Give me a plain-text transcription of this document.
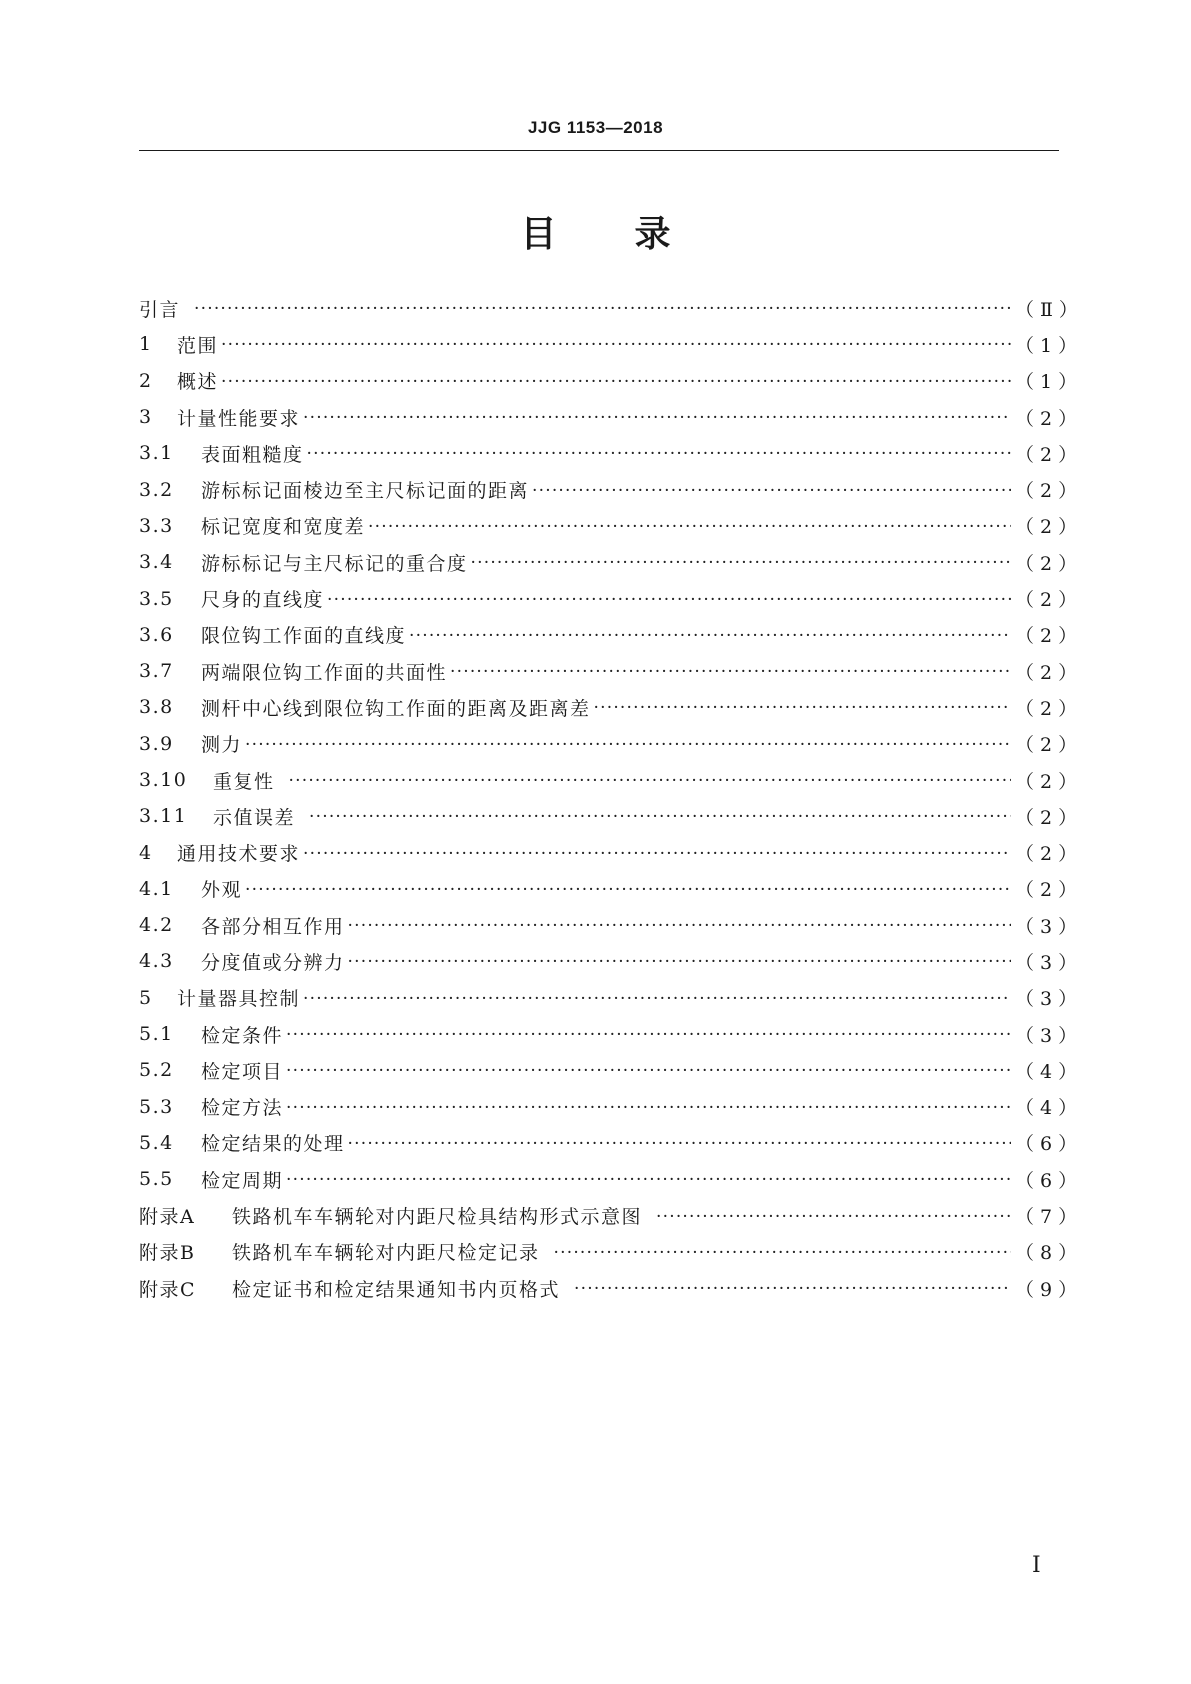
JJG 1153—2018
目 录
引言 ·····	（Ⅱ）
1	范围 ·····	（1）
2	概述 ·····	（1）
3	计量性能要求 ·····	（2）
3.1	表面粗糙度 ·····	（2）
3.2	游标标记面棱边至主尺标记面的距离 ·····	（2）
3.3	标记宽度和宽度差 ·····	（2）
3.4	游标标记与主尺标记的重合度 ·····	（2）
3.5	尺身的直线度 ·····	（2）
3.6	限位钩工作面的直线度 ·····	（2）
3.7	两端限位钩工作面的共面性 ·····	（2）
3.8	测杆中心线到限位钩工作面的距离及距离差 ·····	（2）
3.9	测力 ·····	（2）
3.10	重复性 ·····	（2）
3.11	示值误差 ·····	（2）
4	通用技术要求 ·····	（2）
4.1	外观 ·····	（2）
4.2	各部分相互作用 ·····	（3）
4.3	分度值或分辨力 ·····	（3）
5	计量器具控制 ·····	（3）
5.1	检定条件 ·····	（3）
5.2	检定项目 ·····	（4）
5.3	检定方法 ·····	（4）
5.4	检定结果的处理 ·····	（6）
5.5	检定周期 ·····	（6）
附录A	铁路机车车辆轮对内距尺检具结构形式示意图 ·····	（7）
附录B	铁路机车车辆轮对内距尺检定记录 ·····	（8）
附录C	检定证书和检定结果通知书内页格式 ·····	（9）
Ⅰ
